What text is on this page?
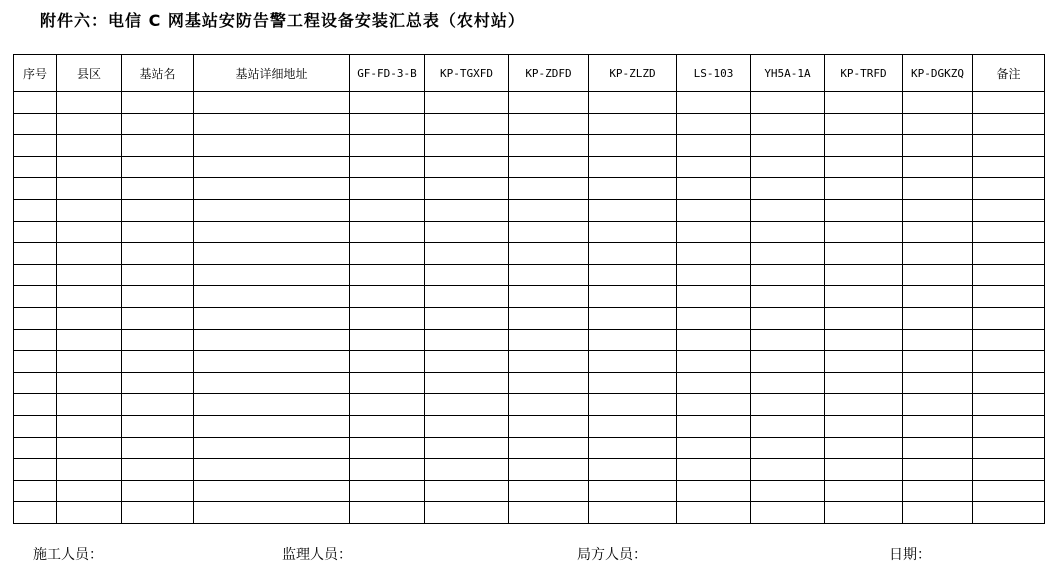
附件六：电信 C 网基站安防告警工程设备安装汇总表（农村站）
序号	县区	基站名	基站详细地址	GF-FD-3-B	KP-TGXFD	KP-ZDFD	KP-ZLZD	LS-103	YH5A-1A	KP-TRFD	KP-DGKZQ	备注

施工人员：	监理人员：	局方人员：	日期：
